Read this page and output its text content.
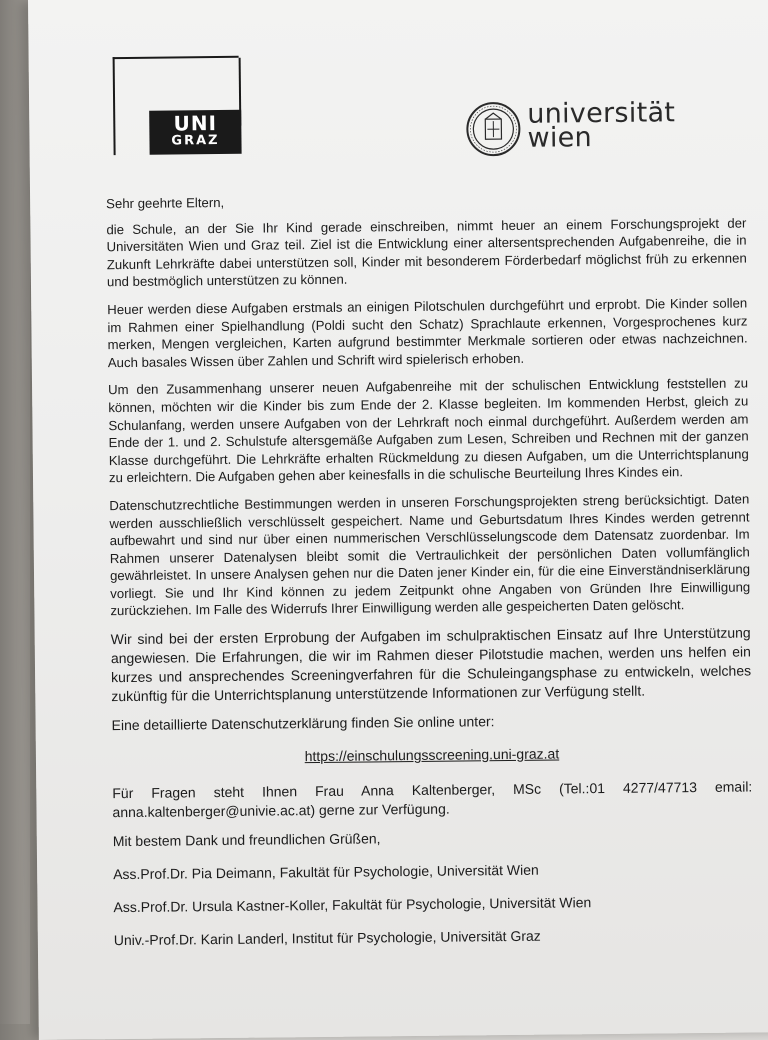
UNI
GRAZ
universität
wien

Sehr geehrte Eltern,

die Schule, an der Sie Ihr Kind gerade einschreiben, nimmt heuer an einem Forschungsprojekt der Universitäten Wien und Graz teil. Ziel ist die Entwicklung einer altersentsprechenden Aufgabenreihe, die in Zukunft Lehrkräfte dabei unterstützen soll, Kinder mit besonderem Förderbedarf möglichst früh zu erkennen und bestmöglich unterstützen zu können.

Heuer werden diese Aufgaben erstmals an einigen Pilotschulen durchgeführt und erprobt. Die Kinder sollen im Rahmen einer Spielhandlung (Poldi sucht den Schatz) Sprachlaute erkennen, Vorgesprochenes kurz merken, Mengen vergleichen, Karten aufgrund bestimmter Merkmale sortieren oder etwas nachzeichnen. Auch basales Wissen über Zahlen und Schrift wird spielerisch erhoben.

Um den Zusammenhang unserer neuen Aufgabenreihe mit der schulischen Entwicklung feststellen zu können, möchten wir die Kinder bis zum Ende der 2. Klasse begleiten. Im kommenden Herbst, gleich zu Schulanfang, werden unsere Aufgaben von der Lehrkraft noch einmal durchgeführt. Außerdem werden am Ende der 1. und 2. Schulstufe altersgemäße Aufgaben zum Lesen, Schreiben und Rechnen mit der ganzen Klasse durchgeführt. Die Lehrkräfte erhalten Rückmeldung zu diesen Aufgaben, um die Unterrichtsplanung zu erleichtern. Die Aufgaben gehen aber keinesfalls in die schulische Beurteilung Ihres Kindes ein.

Datenschutzrechtliche Bestimmungen werden in unseren Forschungsprojekten streng berücksichtigt. Daten werden ausschließlich verschlüsselt gespeichert. Name und Geburtsdatum Ihres Kindes werden getrennt aufbewahrt und sind nur über einen nummerischen Verschlüsselungscode dem Datensatz zuordenbar. Im Rahmen unserer Datenalysen bleibt somit die Vertraulichkeit der persönlichen Daten vollumfänglich gewährleistet. In unsere Analysen gehen nur die Daten jener Kinder ein, für die eine Einverständniserklärung vorliegt. Sie und Ihr Kind können zu jedem Zeitpunkt ohne Angaben von Gründen Ihre Einwilligung zurückziehen. Im Falle des Widerrufs Ihrer Einwilligung werden alle gespeicherten Daten gelöscht.

Wir sind bei der ersten Erprobung der Aufgaben im schulpraktischen Einsatz auf Ihre Unterstützung angewiesen. Die Erfahrungen, die wir im Rahmen dieser Pilotstudie machen, werden uns helfen ein kurzes und ansprechendes Screeningverfahren für die Schuleingangsphase zu entwickeln, welches zukünftig für die Unterrichtsplanung unterstützende Informationen zur Verfügung stellt.

Eine detaillierte Datenschutzerklärung finden Sie online unter:

https://einschulungsscreening.uni-graz.at

Für Fragen steht Ihnen Frau Anna Kaltenberger, MSc (Tel.:01 4277/47713 email: anna.kaltenberger@univie.ac.at) gerne zur Verfügung.

Mit bestem Dank und freundlichen Grüßen,

Ass.Prof.Dr. Pia Deimann, Fakultät für Psychologie, Universität Wien

Ass.Prof.Dr. Ursula Kastner-Koller, Fakultät für Psychologie, Universität Wien

Univ.-Prof.Dr. Karin Landerl, Institut für Psychologie, Universität Graz
